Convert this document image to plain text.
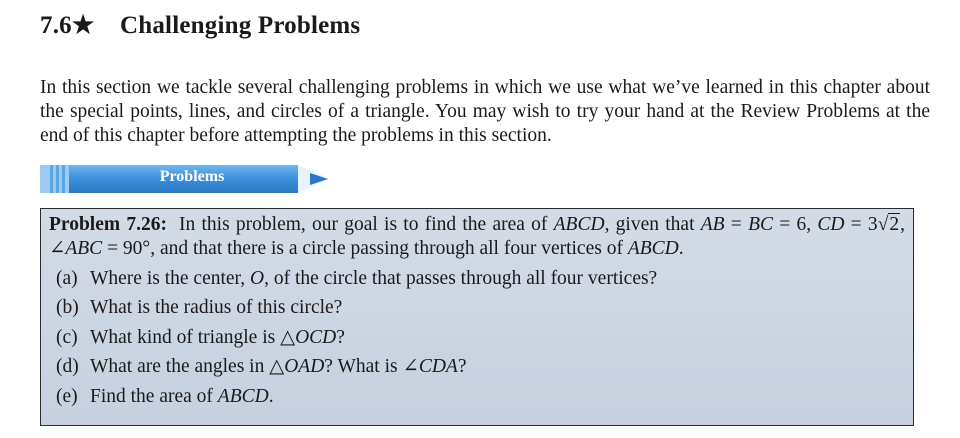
7.6★ Challenging Problems

In this section we tackle several challenging problems in which we use what we’ve learned in this chapter about the special points, lines, and circles of a triangle. You may wish to try your hand at the Review Problems at the end of this chapter before attempting the problems in this section.

Problems

Problem 7.26: In this problem, our goal is to find the area of ABCD, given that AB = BC = 6, CD = 3√2, ∠ABC = 90°, and that there is a circle passing through all four vertices of ABCD.

(a) Where is the center, O, of the circle that passes through all four vertices?
(b) What is the radius of this circle?
(c) What kind of triangle is △OCD?
(d) What are the angles in △OAD? What is ∠CDA?
(e) Find the area of ABCD.
